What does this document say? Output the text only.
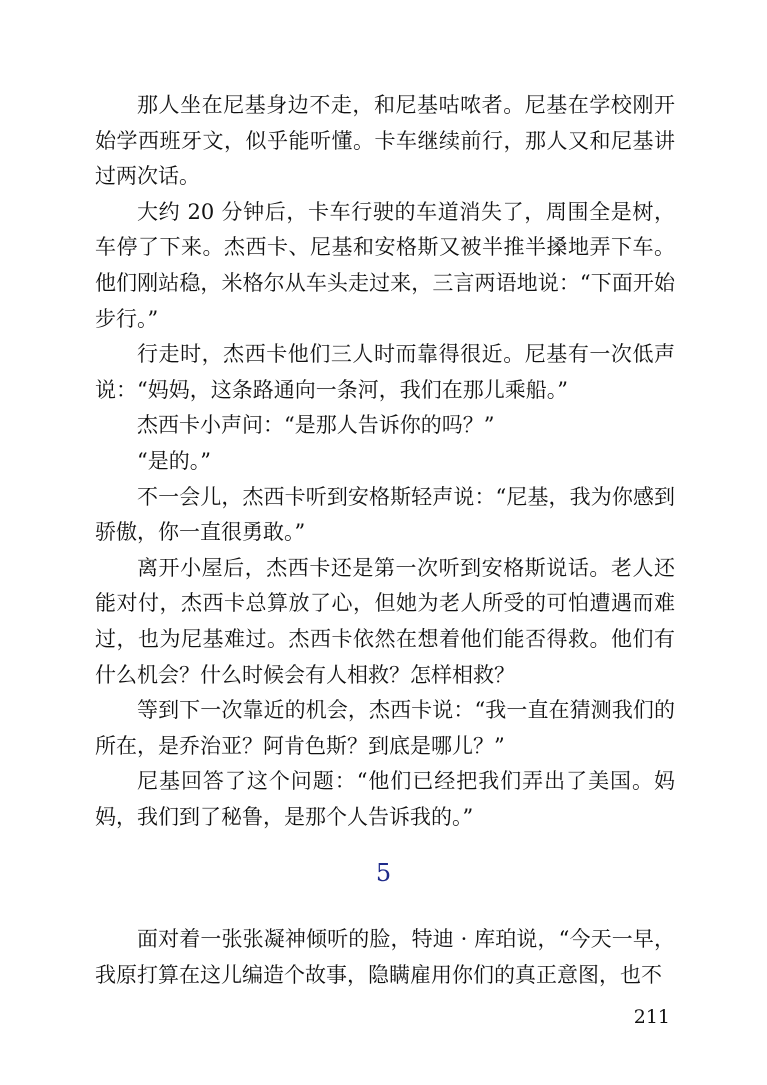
那人坐在尼基身边不走，和尼基咕哝者。尼基在学校刚开始学西班牙文，似乎能听懂。卡车继续前行，那人又和尼基讲过两次话。

大约 20 分钟后，卡车行驶的车道消失了，周围全是树，车停了下来。杰西卡、尼基和安格斯又被半推半搡地弄下车。他们刚站稳，米格尔从车头走过来，三言两语地说：“下面开始步行。”

行走时，杰西卡他们三人时而靠得很近。尼基有一次低声说：“妈妈，这条路通向一条河，我们在那儿乘船。”

杰西卡小声问：“是那人告诉你的吗？”

“是的。”

不一会儿，杰西卡听到安格斯轻声说：“尼基，我为你感到骄傲，你一直很勇敢。”

离开小屋后，杰西卡还是第一次听到安格斯说话。老人还能对付，杰西卡总算放了心，但她为老人所受的可怕遭遇而难过，也为尼基难过。杰西卡依然在想着他们能否得救。他们有什么机会？什么时候会有人相救？怎样相救？

等到下一次靠近的机会，杰西卡说：“我一直在猜测我们的所在，是乔治亚？阿肯色斯？到底是哪儿？”

尼基回答了这个问题：“他们已经把我们弄出了美国。妈妈，我们到了秘鲁，是那个人告诉我的。”

5

面对着一张张凝神倾听的脸，特迪 · 库珀说，“今天一早，我原打算在这儿编造个故事，隐瞒雇用你们的真正意图，也不

211
